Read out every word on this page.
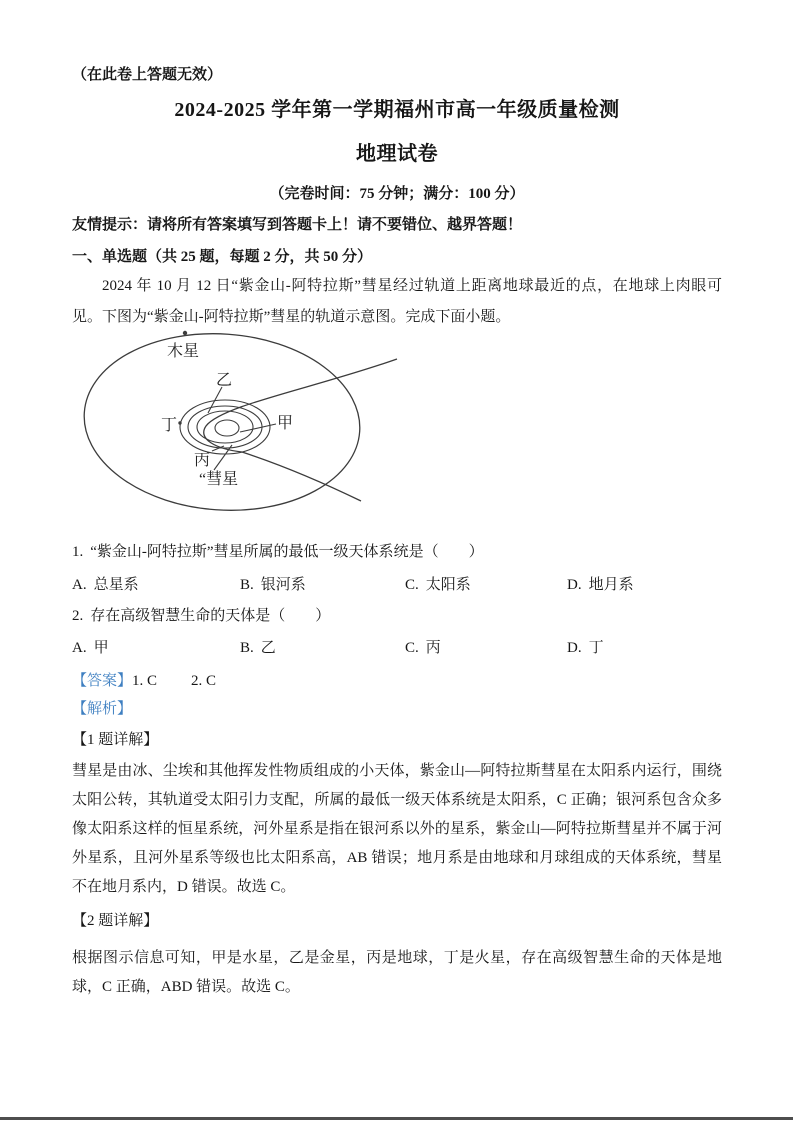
（在此卷上答题无效）
2024-2025 学年第一学期福州市高一年级质量检测
地理试卷
（完卷时间：75 分钟；满分：100 分）
友情提示：请将所有答案填写到答题卡上！请不要错位、越界答题！
一、单选题（共 25 题，每题 2 分，共 50 分）
2024 年 10 月 12 日“紫金山-阿特拉斯”彗星经过轨道上距离地球最近的点，在地球上肉眼可见。下图为“紫金山-阿特拉斯”彗星的轨道示意图。完成下面小题。
木星
乙
甲
丁
丙
“彗星
1. “紫金山-阿特拉斯”彗星所属的最低一级天体系统是（　　）
A. 总星系	B. 银河系	C. 太阳系	D. 地月系
2. 存在高级智慧生命的天体是（　　）
A. 甲	B. 乙	C. 丙	D. 丁
【答案】1. C 2. C
【解析】
【1 题详解】
彗星是由冰、尘埃和其他挥发性物质组成的小天体，紫金山—阿特拉斯彗星在太阳系内运行，围绕太阳公转，其轨道受太阳引力支配，所属的最低一级天体系统是太阳系，C 正确；银河系包含众多像太阳系这样的恒星系统，河外星系是指在银河系以外的星系，紫金山—阿特拉斯彗星并不属于河外星系，且河外星系等级也比太阳系高，AB 错误；地月系是由地球和月球组成的天体系统，彗星不在地月系内，D 错误。故选 C。
【2 题详解】
根据图示信息可知，甲是水星，乙是金星，丙是地球，丁是火星，存在高级智慧生命的天体是地球，C 正确，ABD 错误。故选 C。
